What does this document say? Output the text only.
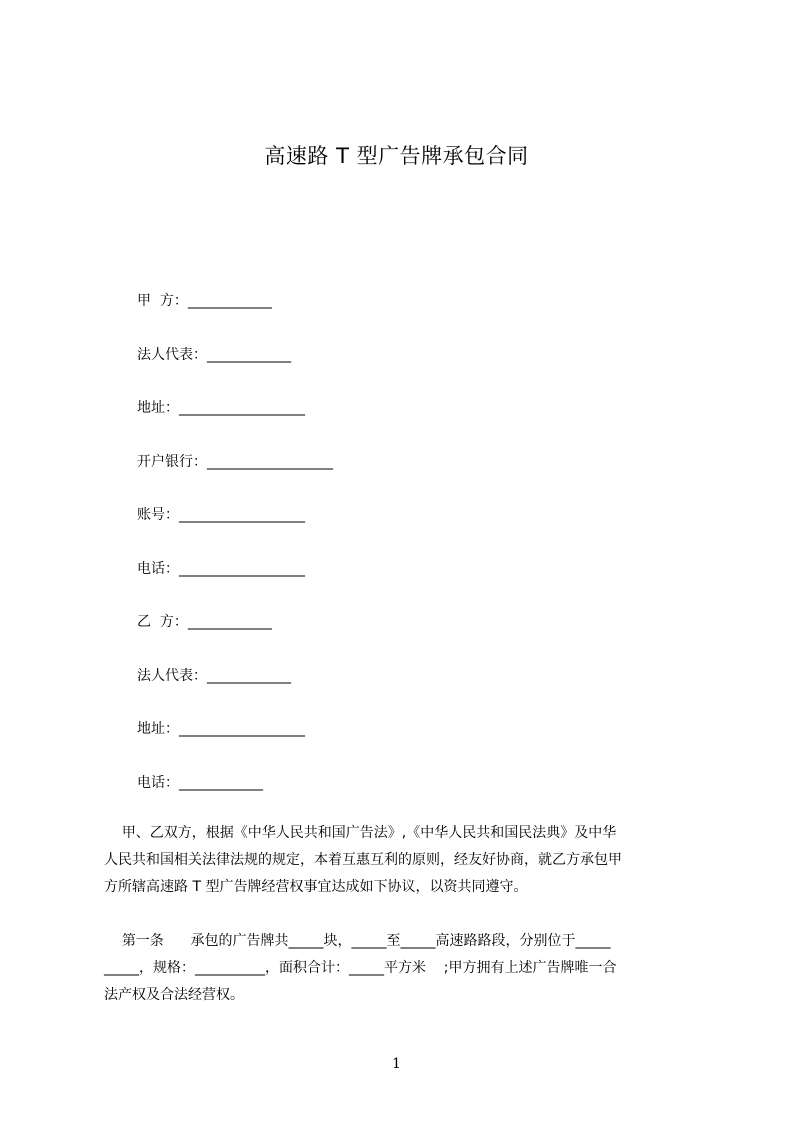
高速路 T 型广告牌承包合同
甲  方：____________
法人代表：____________
地址：__________________
开户银行：__________________
账号：__________________
电话：__________________
乙  方：____________
法人代表：____________
地址：__________________
电话：____________

甲、乙双方，根据《中华人民共和国广告法》,《中华人民共和国民法典》及中华

人民共和国相关法律法规的规定，本着互惠互利的原则，经友好协商，就乙方承包甲

方所辖高速路 T 型广告牌经营权事宜达成如下协议，以资共同遵守。

第一条      承包的广告牌共_____块，_____至_____高速路路段，分别位于_____

_____，规格：__________，面积合计：_____平方米    ;甲方拥有上述广告牌唯一合

法产权及合法经营权。

1
